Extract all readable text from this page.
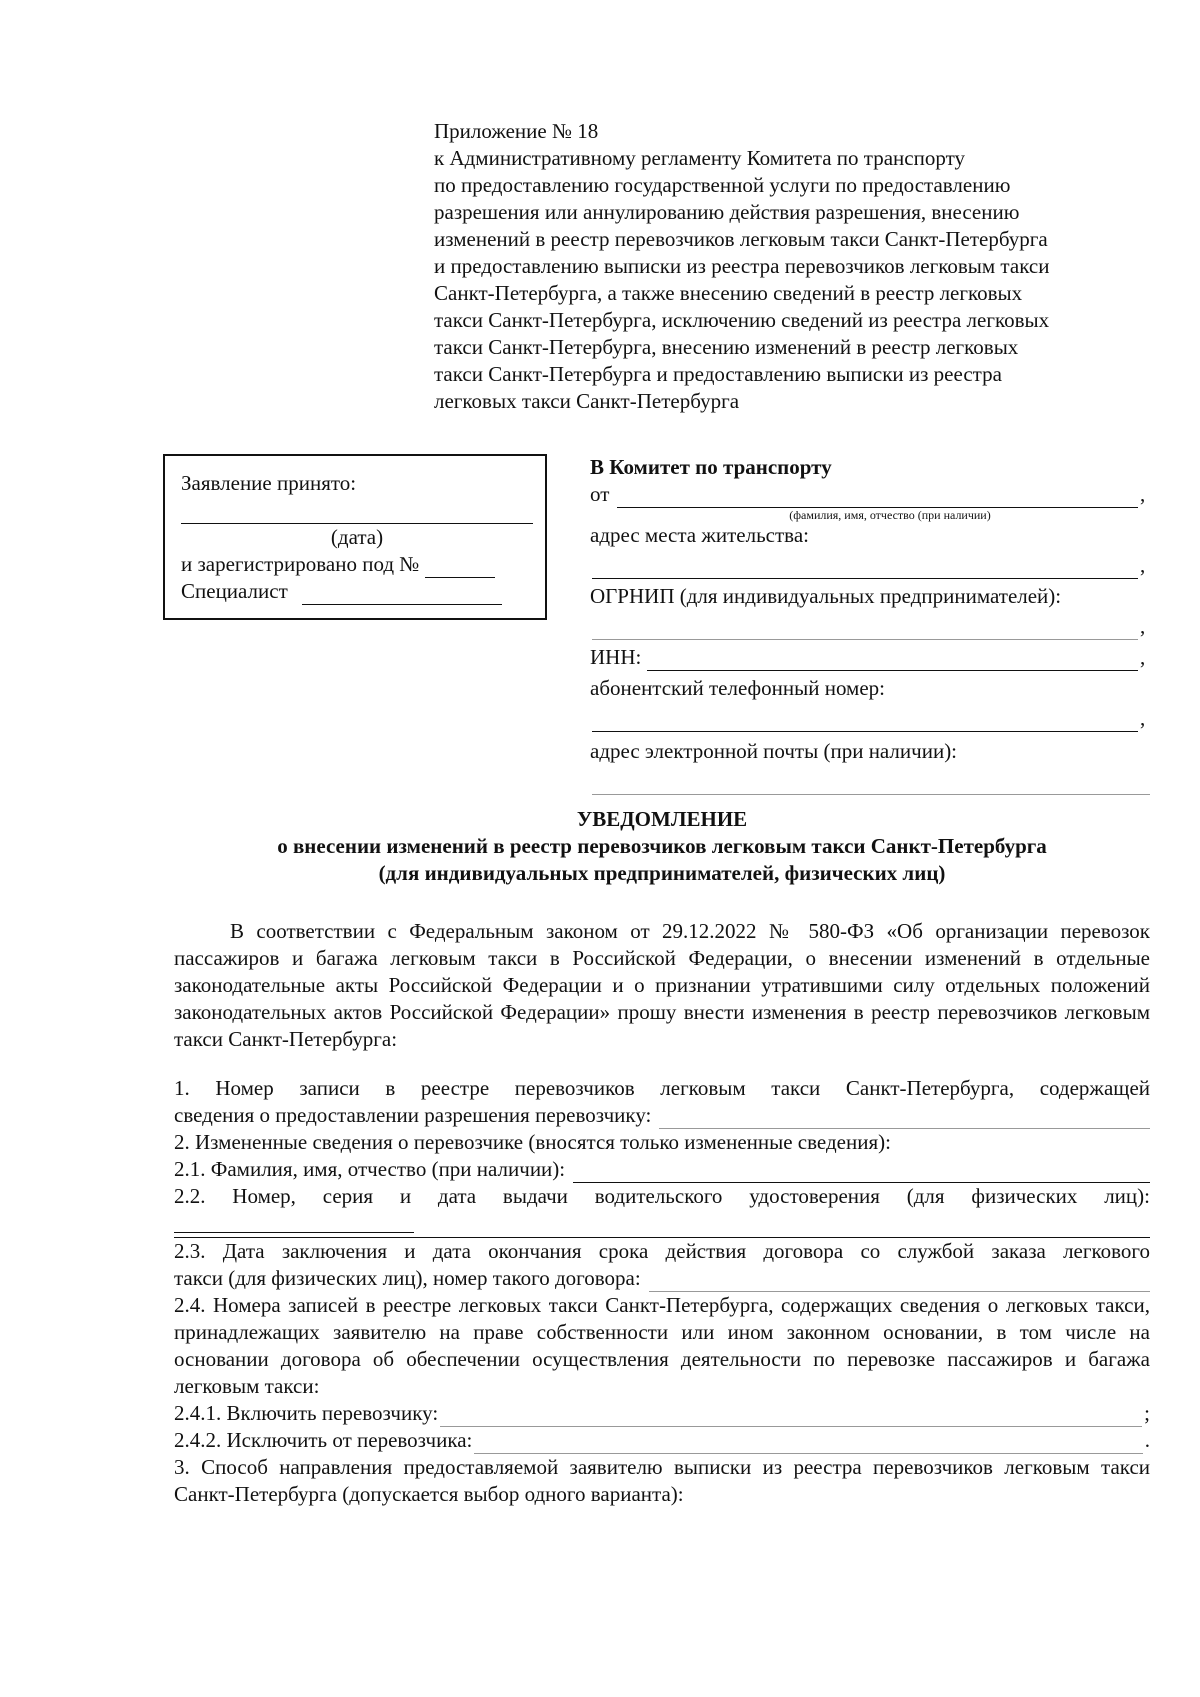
Приложение № 18
к Административному регламенту Комитета по транспорту
по предоставлению государственной услуги по предоставлению
разрешения или аннулированию действия разрешения, внесению
изменений в реестр перевозчиков легковым такси Санкт-Петербурга
и предоставлению выписки из реестра перевозчиков легковым такси
Санкт-Петербурга, а также внесению сведений в реестр легковых
такси Санкт-Петербурга, исключению сведений из реестра легковых
такси Санкт-Петербурга, внесению изменений в реестр легковых
такси Санкт-Петербурга и предоставлению выписки из реестра
легковых такси Санкт-Петербурга
Заявление принято:
(дата)
и зарегистрировано под №
Специалист
В Комитет по транспорту
от	,
(фамилия, имя, отчество (при наличии)
адрес места жительства:
,
ОГРНИП (для индивидуальных предпринимателей):
,
ИНН:	,
абонентский телефонный номер:
,
адрес электронной почты (при наличии):
УВЕДОМЛЕНИЕ
о внесении изменений в реестр перевозчиков легковым такси Санкт-Петербурга
(для индивидуальных предпринимателей, физических лиц)

В соответствии с Федеральным законом от 29.12.2022 № 580-ФЗ «Об организации перевозок пассажиров и багажа легковым такси в Российской Федерации, о внесении изменений в отдельные законодательные акты Российской Федерации и о признании утратившими силу отдельных положений законодательных актов Российской Федерации» прошу внести изменения в реестр перевозчиков легковым такси Санкт-Петербурга:

1. Номер записи в реестре перевозчиков легковым такси Санкт-Петербурга, содержащей

сведения о предоставлении разрешения перевозчику:

2. Измененные сведения о перевозчике (вносятся только измененные сведения):

2.1. Фамилия, имя, отчество (при наличии):

2.2. Номер, серия и дата выдачи водительского удостоверения (для физических лиц):

2.3. Дата заключения и дата окончания срока действия договора со службой заказа легкового

такси (для физических лиц), номер такого договора:

2.4. Номера записей в реестре легковых такси Санкт-Петербурга, содержащих сведения о легковых такси, принадлежащих заявителю на праве собственности или ином законном основании, в том числе на основании договора об обеспечении осуществления деятельности по перевозке пассажиров и багажа легковым такси:

2.4.1. Включить перевозчику:	;
2.4.2. Исключить от перевозчика:	.

3. Способ направления предоставляемой заявителю выписки из реестра перевозчиков легковым такси Санкт-Петербурга (допускается выбор одного варианта):
